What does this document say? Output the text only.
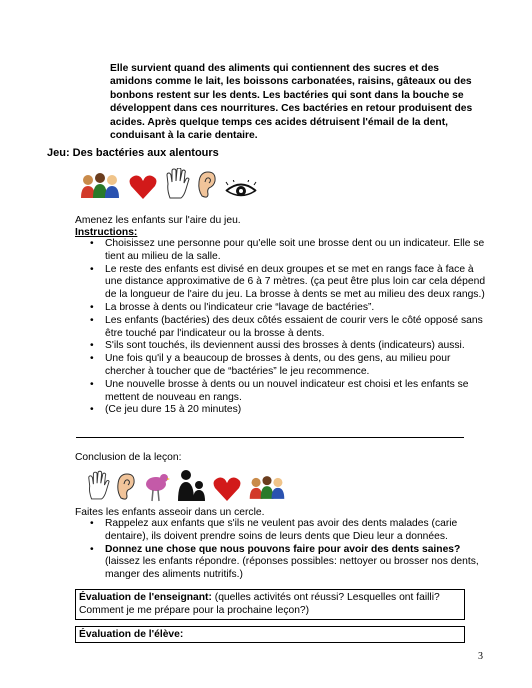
Elle survient quand des aliments qui contiennent des sucres et des amidons comme le lait, les boissons carbonatées, raisins, gâteaux ou des bonbons restent sur les dents. Les bactéries qui sont dans la bouche se développent dans ces nourritures. Ces bactéries en retour produisent des acides. Après quelque temps ces acides détruisent l'émail de la dent, conduisant à la carie dentaire.

Jeu: Des bactéries aux alentours
Amenez les enfants sur l'aire du jeu.
Instructions:
• Choisissez une personne pour qu'elle soit une brosse dent ou un indicateur. Elle se tient au milieu de la salle.
• Le reste des enfants est divisé en deux groupes et se met en rangs face à face à une distance approximative de 6 à 7 mètres. (ça peut être plus loin car cela dépend de la longueur de l'aire du jeu. La brosse à dents se met au milieu des deux rangs.)
• La brosse à dents ou l'indicateur crie “lavage de bactéries”.
• Les enfants (bactéries) des deux côtés essaient de courir vers le côté opposé sans être touché par l'indicateur ou la brosse à dents.
• S'ils sont touchés, ils deviennent aussi des brosses à dents (indicateurs) aussi.
• Une fois qu'il y a beaucoup de brosses à dents, ou des gens, au milieu pour chercher à toucher que de “bactéries” le jeu recommence.
• Une nouvelle brosse à dents ou un nouvel indicateur est choisi et les enfants se mettent de nouveau en rangs.
• (Ce jeu dure 15 à 20 minutes)
Conclusion de la leçon:
Faites les enfants asseoir dans un cercle.
• Rappelez aux enfants que s'ils ne veulent pas avoir des dents malades (carie dentaire), ils doivent prendre soins de leurs dents que Dieu leur a données.
• Donnez une chose que nous pouvons faire pour avoir des dents saines? (laissez les enfants répondre. (réponses possibles: nettoyer ou brosser nos dents, manger des aliments nutritifs.)
Évaluation de l'enseignant: (quelles activités ont réussi? Lesquelles ont failli? Comment je me prépare pour la prochaine leçon?)
Évaluation de l'élève:
3
